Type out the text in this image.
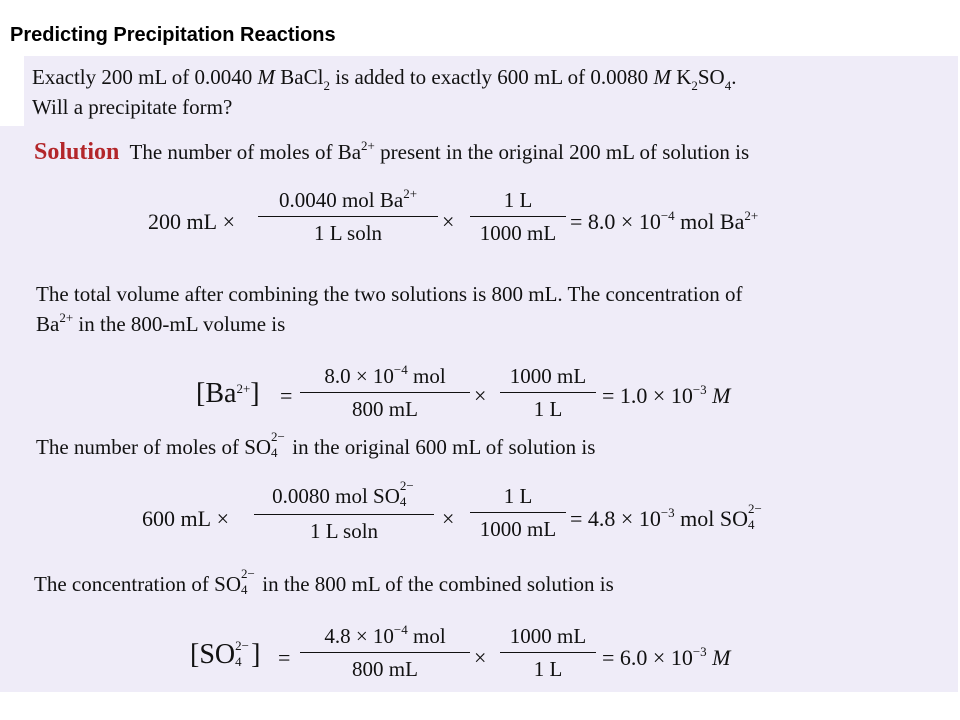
Predicting Precipitation Reactions
Exactly 200 mL of 0.0040 M BaCl$_2$ is added to exactly 600 mL of 0.0080 M $K_2SO_4$.
Will a precipitate form?
Solution The number of moles of $Ba^{2+}$ present in the original 200 mL of solution is
200 mL ×
0.0040 mol $Ba^{2+}$
1 L soln	×
1 L
1000 mL = $8.0 \times 10^{-4}$ mol $Ba^{2+}$
The total volume after combining the two solutions is 800 mL. The concentration of
$Ba^{2+}$ in the 800-mL volume is
$[Ba^{2+}]$ =
$8.0 \times 10^{-4}$ mol
800 mL
×
1000 mL
1 L
= $1.0 \times 10^{-3}$ M
The number of moles of SO 2−
4 in the original 600 mL of solution is
600 mL ×
0.0080 mol SO 2−
4
1 L soln	×
1 L
1000 mL = $4.8 \times 10^{-3}$ mol SO 2−
4
The concentration of SO 2−
4 in the 800 mL of the combined solution is
[SO 2−
4 ] =
$4.8 \times 10^{-4}$ mol
800 mL	×
1000 mL
1 L	= $6.0 \times 10^{-3}$ M
